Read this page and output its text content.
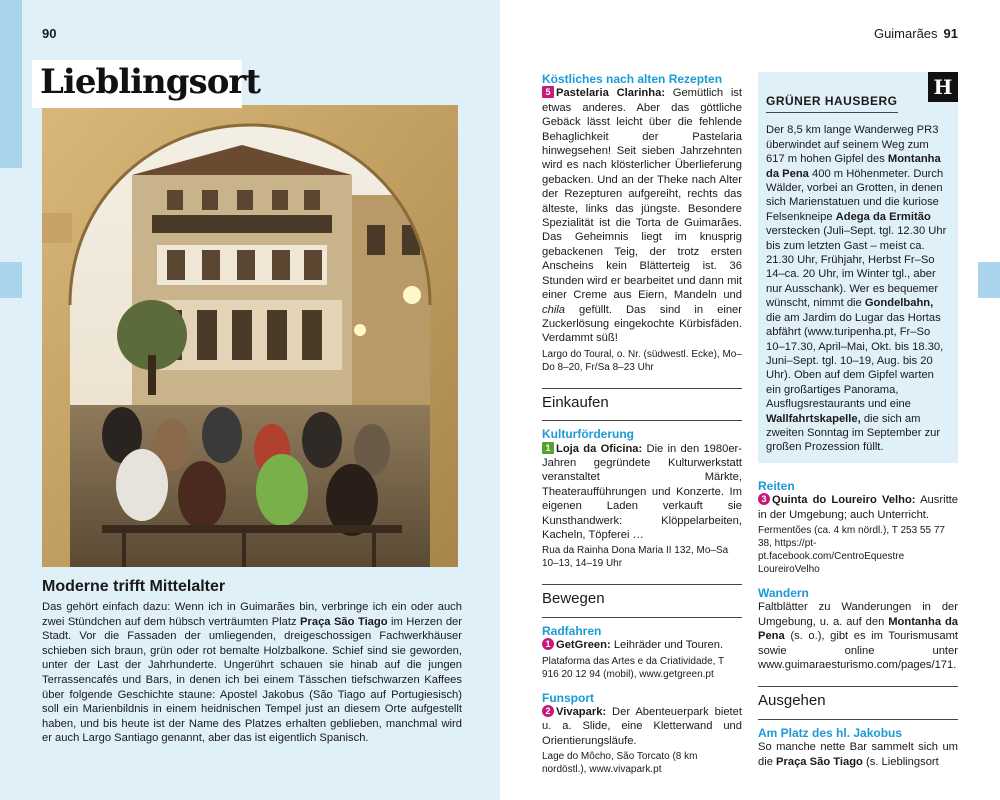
90	Guimarães 91
Lieblingsort
Moderne trifft Mittelalter

Das gehört einfach dazu: Wenn ich in Guimarães bin, verbringe ich ein oder auch zwei Stündchen auf dem hübsch verträumten Platz Praça São Tiago im Herzen der Stadt. Vor die Fassaden der umliegenden, dreigeschossigen Fachwerkhäuser schieben sich braun, grün oder rot bemalte Holzbalkone. Schief sind sie geworden, unter der Last der Jahrhunderte. Ungerührt schauen sie hinab auf die jungen Terrassencafés und Bars, in denen ich bei einem Tässchen tiefschwarzen Kaffees über folgende Geschichte staune: Apostel Jakobus (São Tiago auf Portugiesisch) soll ein Marienbildnis in einem heidnischen Tempel just an diesem Orte aufgestellt haben, und bis heute ist der Name des Platzes erhalten geblieben, manchmal wird er auch Largo Santiago genannt, aber das ist eigentlich Spanisch.

Köstliches nach alten Rezepten
5 Pastelaria Clarinha: Gemütlich ist etwas anderes. Aber das göttliche Gebäck lässt leicht über die fehlende Behaglichkeit der Pastelaria hinwegsehen! Seit sieben Jahrzehnten wird es nach klösterlicher Überlieferung gebacken. Und an der Theke nach Alter der Rezepturen aufgereiht, rechts das älteste, links das jüngste. Besondere Spezialität ist die Torta de Guimarães. Das Geheimnis liegt im knusprig gebackenen Teig, der trotz ersten Anscheins kein Blätterteig ist. 36 Stunden wird er bearbeitet und dann mit einer Creme aus Eiern, Mandeln und chila gefüllt. Das sind in einer Zuckerlösung eingekochte Kürbisfäden. Verdammt süß!
Largo do Toural, o. Nr. (südwestl. Ecke), Mo–Do 8–20, Fr/Sa 8–23 Uhr
Einkaufen
Kulturförderung
1 Loja da Oficina: Die in den 1980er-Jahren gegründete Kulturwerkstatt veranstaltet Märkte, Theateraufführungen und Konzerte. Im eigenen Laden verkauft sie Kunsthandwerk: Klöppelarbeiten, Kacheln, Töpferei …
Rua da Rainha Dona Maria II 132, Mo–Sa 10–13, 14–19 Uhr
Bewegen
Radfahren
1 GetGreen: Leihräder und Touren.
Plataforma das Artes e da Criatividade, T 916 20 12 94 (mobil), www.getgreen.pt
Funsport
2 Vivapark: Der Abenteuerpark bietet u. a. Slide, eine Kletterwand und Orientierungsläufe.
Lage do Môcho, São Torcato (8 km nordöstl.), www.vivapark.pt
H
GRÜNER HAUSBERG
Der 8,5 km lange Wanderweg PR3 überwindet auf seinem Weg zum 617 m hohen Gipfel des Montanha da Pena 400 m Höhenmeter. Durch Wälder, vorbei an Grotten, in denen sich Marienstatuen und die kuriose Felsenkneipe Adega da Ermitão verstecken (Juli–Sept. tgl. 12.30 Uhr bis zum letzten Gast – meist ca. 21.30 Uhr, Frühjahr, Herbst Fr–So 14–ca. 20 Uhr, im Winter tgl., aber nur Ausschank). Wer es bequemer wünscht, nimmt die Gondelbahn, die am Jardim do Lugar das Hortas abfährt (www.turipenha.pt, Fr–So 10–17.30, April–Mai, Okt. bis 18.30, Juni–Sept. tgl. 10–19, Aug. bis 20 Uhr). Oben auf dem Gipfel warten ein großartiges Panorama, Ausflugsrestaurants und eine Wallfahrtskapelle, die sich am zweiten Sonntag im September zur großen Prozession füllt.
Reiten
3 Quinta do Loureiro Velho: Ausritte in der Umgebung; auch Unterricht.
Fermentões (ca. 4 km nördl.), T 253 55 77 38, https://pt-pt.facebook.com/CentroEquestre LoureiroVelho
Wandern
Faltblätter zu Wanderungen in der Umgebung, u. a. auf den Montanha da Pena (s. o.), gibt es im Tourismusamt sowie online unter www.guimaraesturismo.com/pages/171.
Ausgehen
Am Platz des hl. Jakobus
So manche nette Bar sammelt sich um die Praça São Tiago (s. Lieblingsort
